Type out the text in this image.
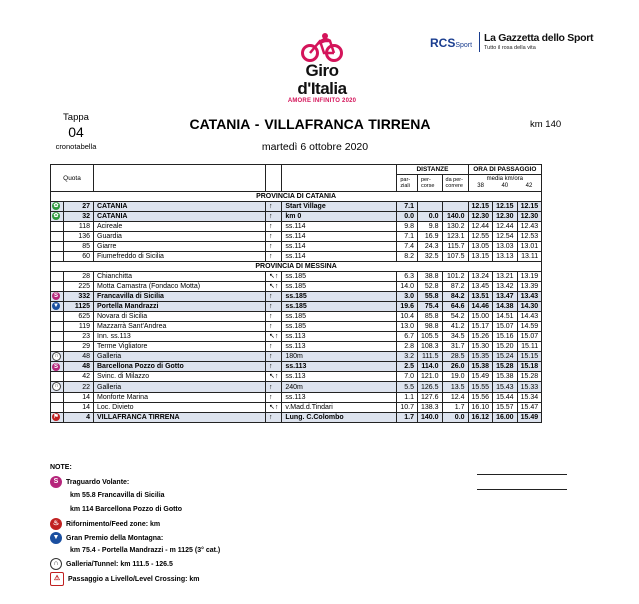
Giro d'Italia
AMORE INFINITO 2020
RCSSport
La Gazzetta dello Sport
Tutto il rosa della vita
Tappa
04
cronotabella
CATANIA - VILLAFRANCA TIRRENA	km 140
martedì 6 ottobre 2020
Quota					DISTANZE			ORA DI PASSAGGIO		
					par-ziali	per-corse	da per-correre	media km/ora
38 40 42		

PROVINCIA DI CATANIA										
✿	27	CATANIA	↑	Start Village	7.1			12.15	12.15	12.15
✿	32	CATANIA	↑	km 0	0.0	0.0	140.0	12.30	12.30	12.30
	118	Acireale	↑	ss.114	9.8	9.8	130.2	12.44	12.44	12.43
	136	Guardia	↑	ss.114	7.1	16.9	123.1	12.55	12.54	12.53
	85	Giarre	↑	ss.114	7.4	24.3	115.7	13.05	13.03	13.01
	60	Fiumefreddo di Sicilia	↑	ss.114	8.2	32.5	107.5	13.15	13.13	13.11
PROVINCIA DI MESSINA										
	28	Chianchitta	↖↑	ss.185	6.3	38.8	101.2	13.24	13.21	13.19
	225	Motta Camastra (Fondaco Motta)	↖↑	ss.185	14.0	52.8	87.2	13.45	13.42	13.39
S	332	Francavilla di Sicilia	↑	ss.185	3.0	55.8	84.2	13.51	13.47	13.43
▼	1125	Portella Mandrazzi	↑	ss.185	19.6	75.4	64.6	14.46	14.38	14.30
	625	Novara di Sicilia	↑	ss.185	10.4	85.8	54.2	15.00	14.51	14.43
	119	Mazzarrà Sant'Andrea	↑	ss.185	13.0	98.8	41.2	15.17	15.07	14.59
	23	Inn. ss.113	↖↑	ss.113	6.7	105.5	34.5	15.26	15.16	15.07
	29	Terme Vigliatore	↑	ss.113	2.8	108.3	31.7	15.30	15.20	15.11
∩	48	Galleria	↑	180m	3.2	111.5	28.5	15.35	15.24	15.15
S	48	Barcellona Pozzo di Gotto	↑	ss.113	2.5	114.0	26.0	15.38	15.28	15.18
	42	Svinc. di Milazzo	↖↑	ss.113	7.0	121.0	19.0	15.49	15.38	15.28
∩	22	Galleria	↑	240m	5.5	126.5	13.5	15.55	15.43	15.33
	14	Monforte Marina	↑	ss.113	1.1	127.6	12.4	15.56	15.44	15.34
	14	Loc. Divieto	↖↑	v.Mad.d.Tindari	10.7	138.3	1.7	16.10	15.57	15.47
⚑	4	VILLAFRANCA TIRRENA	↑	Lung. C.Colombo	1.7	140.0	0.0	16.12	16.00	15.49
NOTE:
S Traguardo Volante:
km 55.8 Francavilla di Sicilia
km 114 Barcellona Pozzo di Gotto
♨ Rifornimento/Feed zone: km
▼ Gran Premio della Montagna:
km 75.4 - Portella Mandrazzi - m 1125 (3° cat.)
∩ Galleria/Tunnel: km 111.5 - 126.5
⚠ Passaggio a Livello/Level Crossing: km
